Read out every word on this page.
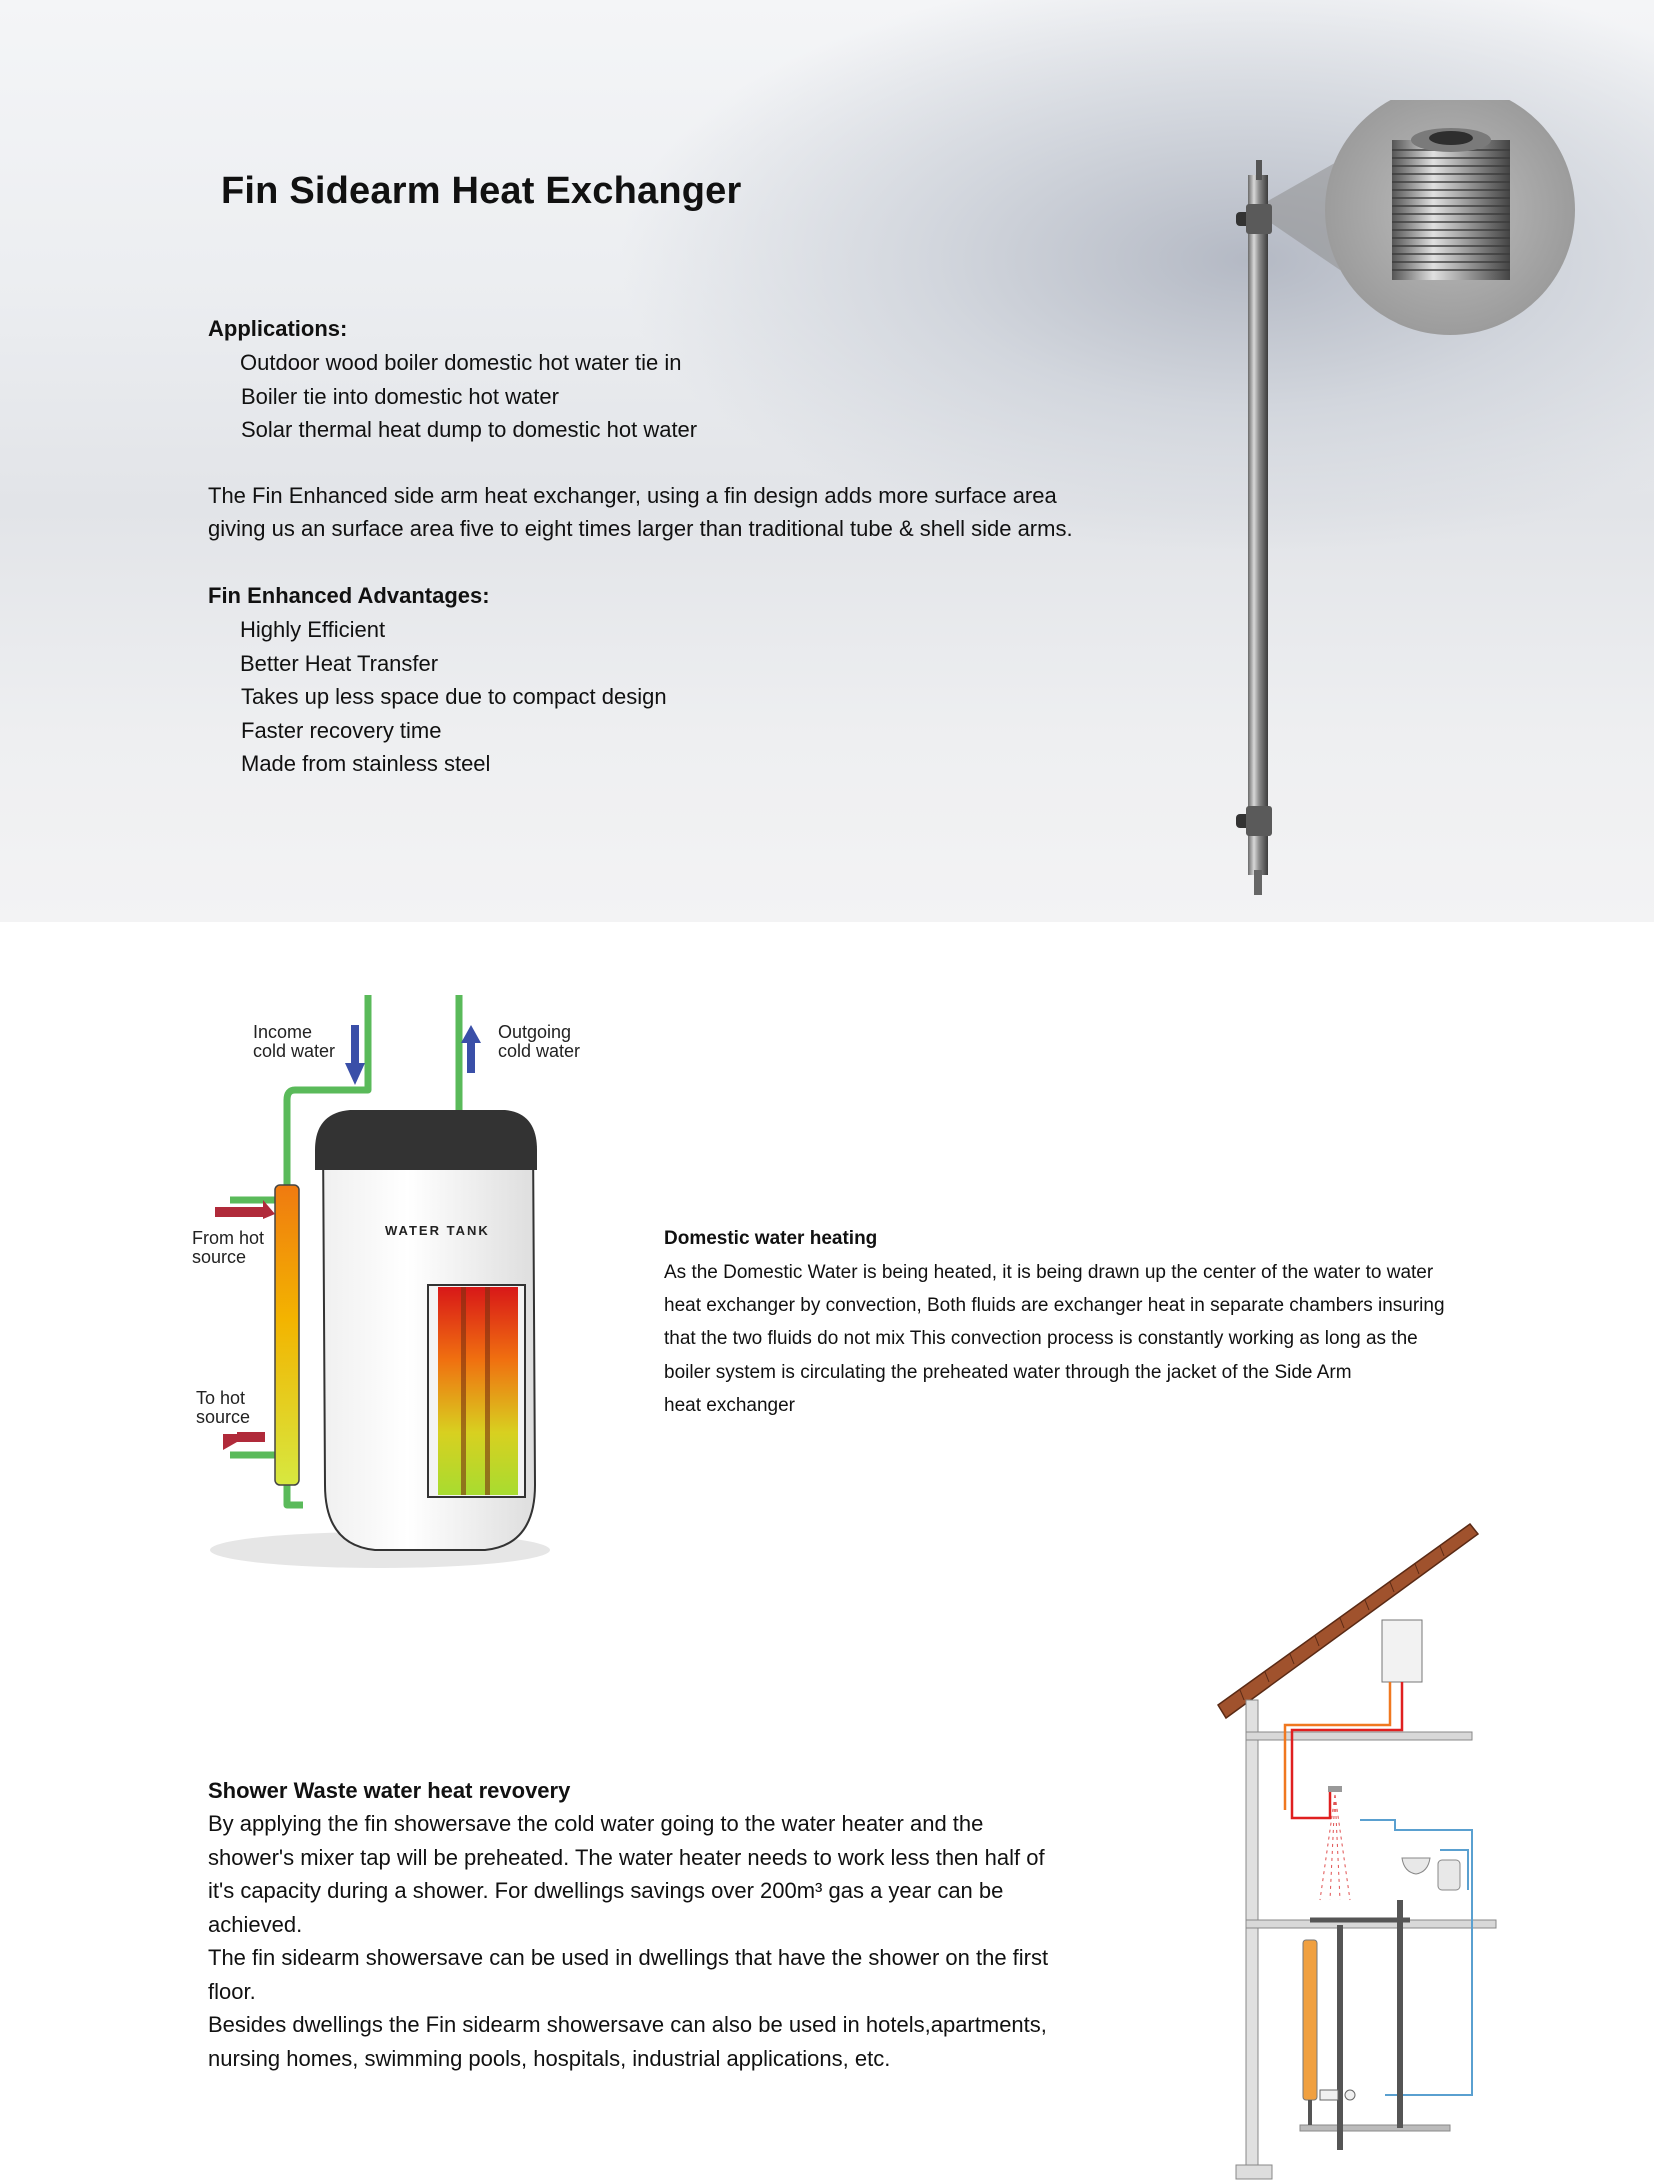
Fin Sidearm Heat Exchanger
Applications:
Outdoor wood boiler domestic hot water tie in
Boiler tie into domestic hot water
Solar thermal heat dump to domestic hot water
The Fin Enhanced side arm heat exchanger, using a fin design adds more surface area
giving us an surface area five to eight times larger than traditional tube & shell side arms.
Fin Enhanced Advantages:
Highly Efficient
Better Heat Transfer
Takes up less space due to compact design
Faster recovery time
Made from stainless steel
WATER TANK
Income
cold water
Outgoing
cold water
From hot
source
To hot
source
Domestic water heating
As the Domestic Water is being heated, it is being drawn up the center of the water to water
heat exchanger by convection, Both fluids are exchanger heat in separate chambers insuring
that the two fluids do not mix This convection process is constantly working as long as the
boiler system is circulating the preheated water through the jacket of the Side Arm
heat exchanger
Shower Waste water heat revovery
By applying the fin showersave the cold water going to the water heater and the
shower's mixer tap will be preheated. The water heater needs to work less then half of
it's capacity during a shower. For dwellings savings over 200m³ gas a year can be
achieved.
The fin sidearm showersave can be used in dwellings that have the shower on the first
floor.
Besides dwellings the Fin sidearm showersave can also be used in hotels,apartments,
nursing homes, swimming pools, hospitals, industrial applications, etc.
